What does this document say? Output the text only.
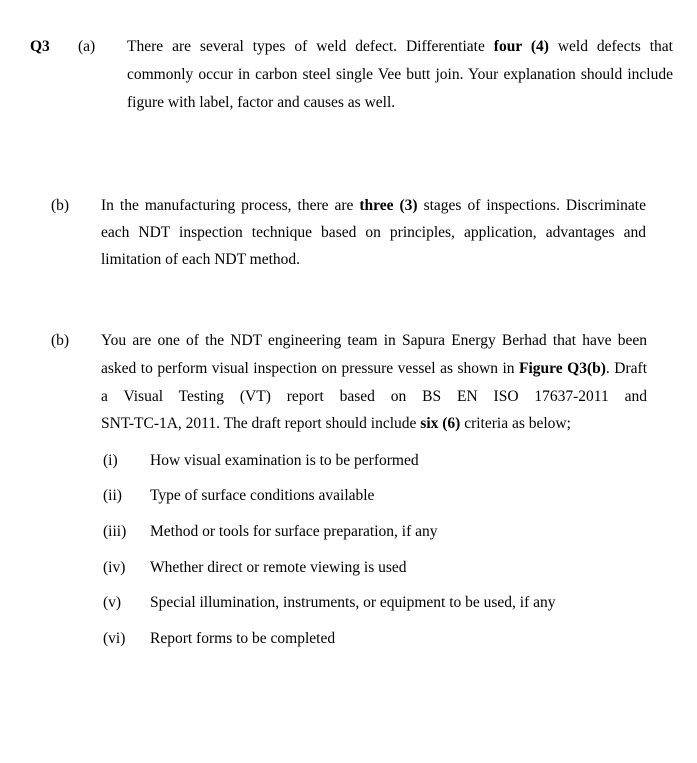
Q3 (a) There are several types of weld defect. Differentiate four (4) weld defects that
commonly occur in carbon steel single Vee butt join. Your explanation should include
figure with label, factor and causes as well.
(b) In the manufacturing process, there are three (3) stages of inspections. Discriminate
each NDT inspection technique based on principles, application, advantages and
limitation of each NDT method.
(b) You are one of the NDT engineering team in Sapura Energy Berhad that have been
asked to perform visual inspection on pressure vessel as shown in Figure Q3(b). Draft
a Visual Testing (VT) report based on BS EN ISO 17637-2011 and
SNT-TC-1A, 2011. The draft report should include six (6) criteria as below;
(i) How visual examination is to be performed
(ii) Type of surface conditions available
(iii) Method or tools for surface preparation, if any
(iv) Whether direct or remote viewing is used
(v) Special illumination, instruments, or equipment to be used, if any
(vi) Report forms to be completed
